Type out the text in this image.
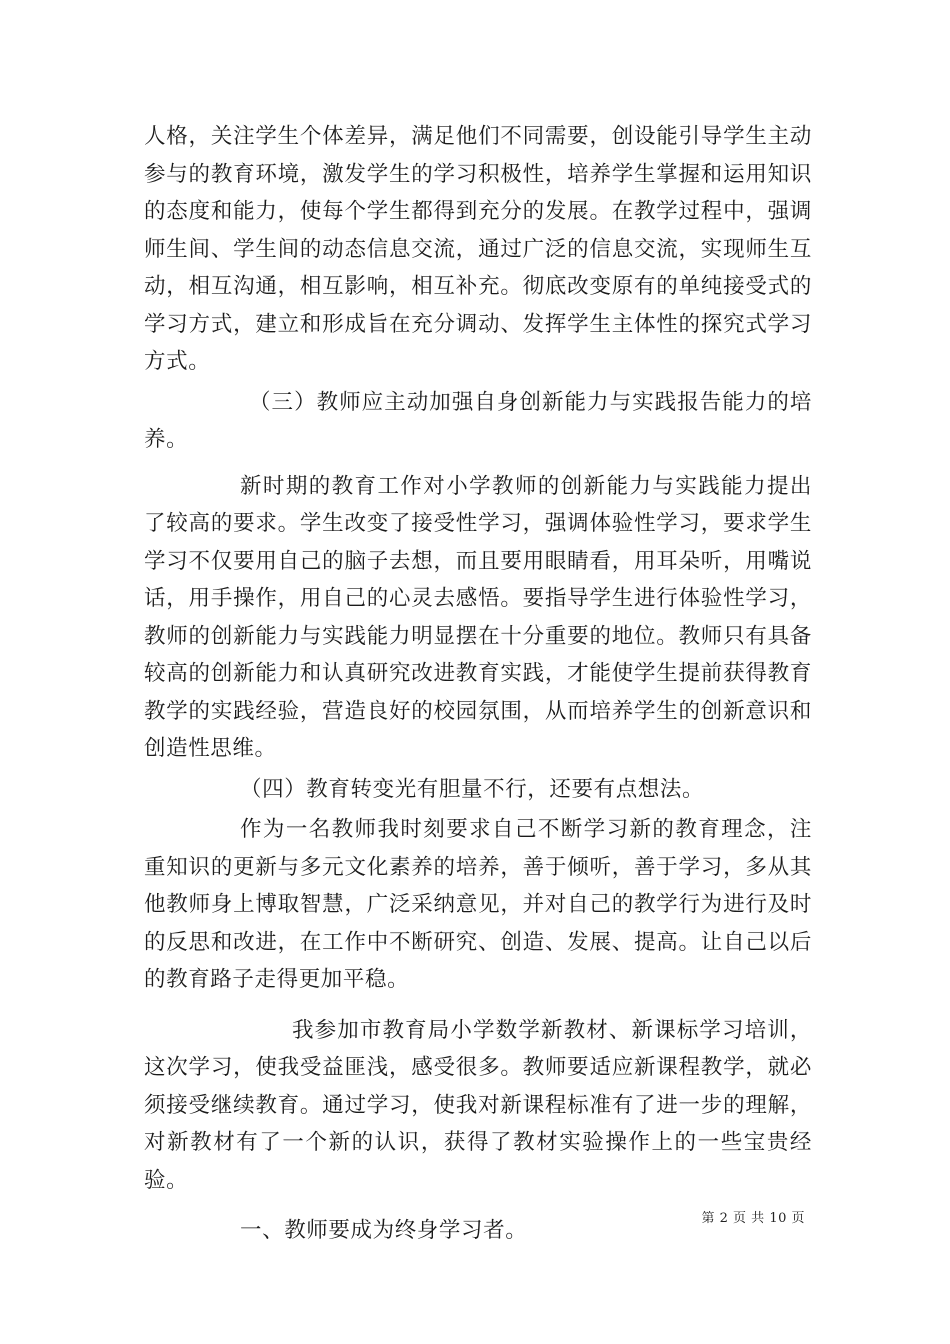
人格，关注学生个体差异，满足他们不同需要，创设能引导学生主动参与的教育环境，激发学生的学习积极性，培养学生掌握和运用知识的态度和能力，使每个学生都得到充分的发展。在教学过程中，强调师生间、学生间的动态信息交流，通过广泛的信息交流，实现师生互动，相互沟通，相互影响，相互补充。彻底改变原有的单纯接受式的学习方式，建立和形成旨在充分调动、发挥学生主体性的探究式学习方式。

（三）教师应主动加强自身创新能力与实践报告能力的培养。

新时期的教育工作对小学教师的创新能力与实践能力提出了较高的要求。学生改变了接受性学习，强调体验性学习，要求学生学习不仅要用自己的脑子去想，而且要用眼睛看，用耳朵听，用嘴说话，用手操作，用自己的心灵去感悟。要指导学生进行体验性学习，教师的创新能力与实践能力明显摆在十分重要的地位。教师只有具备较高的创新能力和认真研究改进教育实践，才能使学生提前获得教育教学的实践经验，营造良好的校园氛围，从而培养学生的创新意识和创造性思维。

（四）教育转变光有胆量不行，还要有点想法。

作为一名教师我时刻要求自己不断学习新的教育理念，注重知识的更新与多元文化素养的培养，善于倾听，善于学习，多从其他教师身上博取智慧，广泛采纳意见，并对自己的教学行为进行及时的反思和改进，在工作中不断研究、创造、发展、提高。让自己以后的教育路子走得更加平稳。

我参加市教育局小学数学新教材、新课标学习培训，这次学习，使我受益匪浅，感受很多。教师要适应新课程教学，就必须接受继续教育。通过学习，使我对新课程标准有了进一步的理解，对新教材有了一个新的认识，获得了教材实验操作上的一些宝贵经验。

一、教师要成为终身学习者。	第 2 页 共 10 页
